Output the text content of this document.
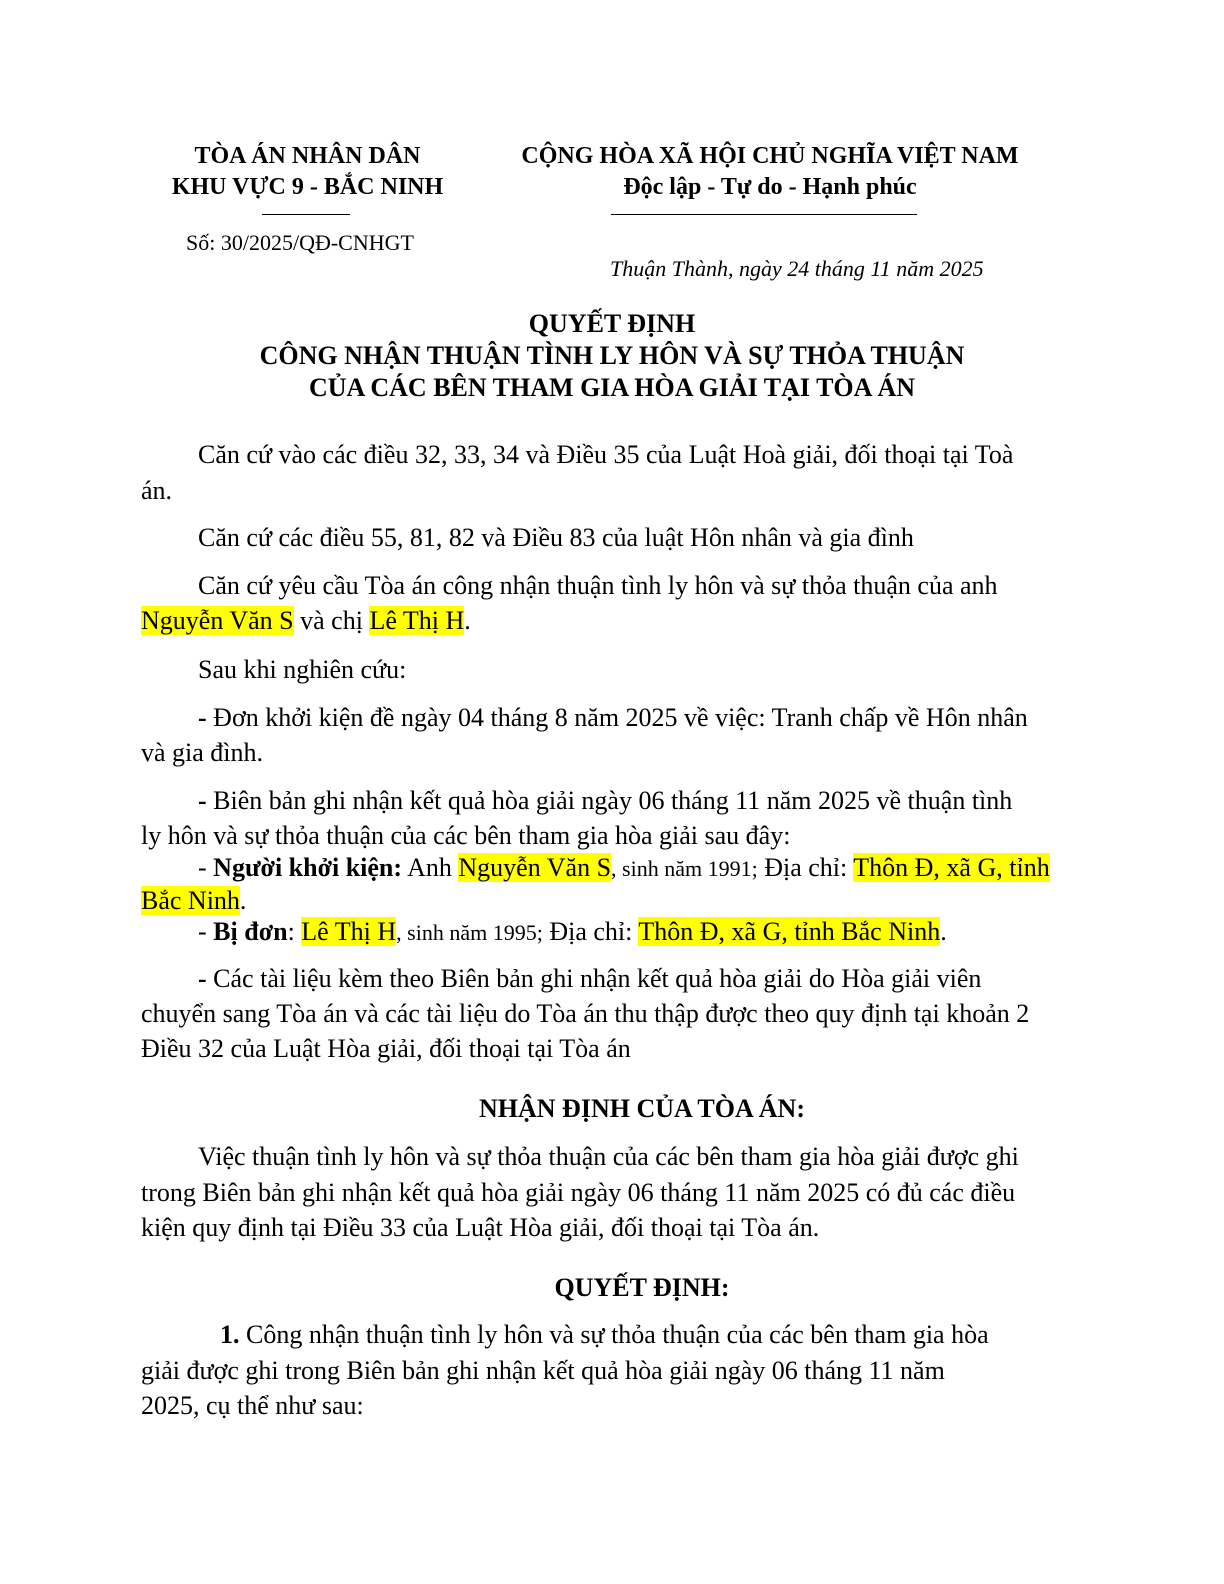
TÒA ÁN NHÂN DÂN
KHU VỰC 9 - BẮC NINH
Số: 30/2025/QĐ-CNHGT
CỘNG HÒA XÃ HỘI CHỦ NGHĨA VIỆT NAM
Độc lập - Tự do - Hạnh phúc
Thuận Thành, ngày 24 tháng 11 năm 2025
QUYẾT ĐỊNH
CÔNG NHẬN THUẬN TÌNH LY HÔN VÀ SỰ THỎA THUẬN
CỦA CÁC BÊN THAM GIA HÒA GIẢI TẠI TÒA ÁN
Căn cứ vào các điều 32, 33, 34 và Điều 35 của Luật Hoà giải, đối thoại tại Toà
án.
Căn cứ các điều 55, 81, 82 và Điều 83 của luật Hôn nhân và gia đình
Căn cứ yêu cầu Tòa án công nhận thuận tình ly hôn và sự thỏa thuận của anh
Nguyễn Văn S và chị Lê Thị H.
Sau khi nghiên cứu:
- Đơn khởi kiện đề ngày 04 tháng 8 năm 2025 về việc: Tranh chấp về Hôn nhân
và gia đình.
- Biên bản ghi nhận kết quả hòa giải ngày 06 tháng 11 năm 2025 về thuận tình
ly hôn và sự thỏa thuận của các bên tham gia hòa giải sau đây:
- Người khởi kiện: Anh Nguyễn Văn S, sinh năm 1991; Địa chỉ: Thôn Đ, xã G, tỉnh
Bắc Ninh.
- Bị đơn: Lê Thị H, sinh năm 1995; Địa chỉ: Thôn Đ, xã G, tỉnh Bắc Ninh.
- Các tài liệu kèm theo Biên bản ghi nhận kết quả hòa giải do Hòa giải viên
chuyển sang Tòa án và các tài liệu do Tòa án thu thập được theo quy định tại khoản 2
Điều 32 của Luật Hòa giải, đối thoại tại Tòa án
NHẬN ĐỊNH CỦA TÒA ÁN:
Việc thuận tình ly hôn và sự thỏa thuận của các bên tham gia hòa giải được ghi
trong Biên bản ghi nhận kết quả hòa giải ngày 06 tháng 11 năm 2025 có đủ các điều
kiện quy định tại Điều 33 của Luật Hòa giải, đối thoại tại Tòa án.
QUYẾT ĐỊNH:
1. Công nhận thuận tình ly hôn và sự thỏa thuận của các bên tham gia hòa
giải được ghi trong Biên bản ghi nhận kết quả hòa giải ngày 06 tháng 11 năm
2025, cụ thể như sau:
